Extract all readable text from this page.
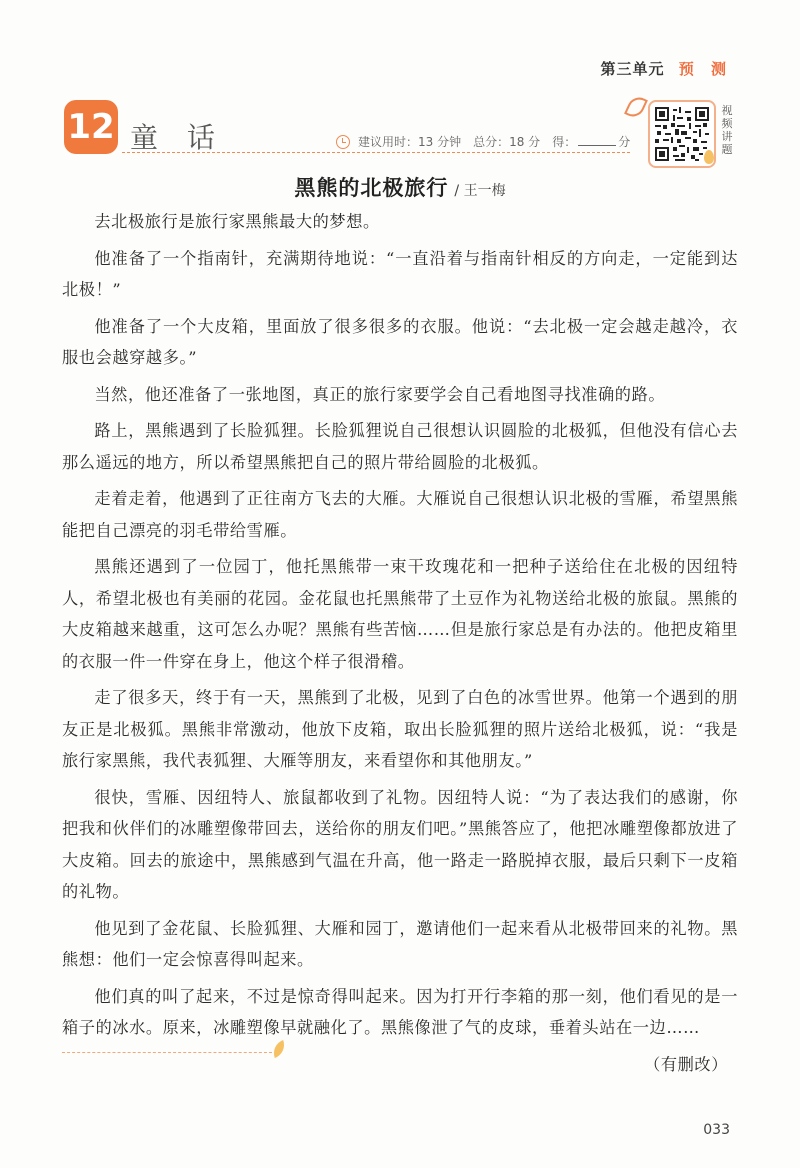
第三单元 预 测
12 童 话	建议用时：13 分钟 总分：18 分 得：	分
视频讲题
黑熊的北极旅行 / 王一梅

去北极旅行是旅行家黑熊最大的梦想。

他准备了一个指南针，充满期待地说：“一直沿着与指南针相反的方向走，一定能到达北极！”

他准备了一个大皮箱，里面放了很多很多的衣服。他说：“去北极一定会越走越冷，衣服也会越穿越多。”

当然，他还准备了一张地图，真正的旅行家要学会自己看地图寻找准确的路。

路上，黑熊遇到了长脸狐狸。长脸狐狸说自己很想认识圆脸的北极狐，但他没有信心去那么遥远的地方，所以希望黑熊把自己的照片带给圆脸的北极狐。

走着走着，他遇到了正往南方飞去的大雁。大雁说自己很想认识北极的雪雁，希望黑熊能把自己漂亮的羽毛带给雪雁。

黑熊还遇到了一位园丁，他托黑熊带一束干玫瑰花和一把种子送给住在北极的因纽特人，希望北极也有美丽的花园。金花鼠也托黑熊带了土豆作为礼物送给北极的旅鼠。黑熊的大皮箱越来越重，这可怎么办呢？黑熊有些苦恼……但是旅行家总是有办法的。他把皮箱里的衣服一件一件穿在身上，他这个样子很滑稽。

走了很多天，终于有一天，黑熊到了北极，见到了白色的冰雪世界。他第一个遇到的朋友正是北极狐。黑熊非常激动，他放下皮箱，取出长脸狐狸的照片送给北极狐，说：“我是旅行家黑熊，我代表狐狸、大雁等朋友，来看望你和其他朋友。”

很快，雪雁、因纽特人、旅鼠都收到了礼物。因纽特人说：“为了表达我们的感谢，你把我和伙伴们的冰雕塑像带回去，送给你的朋友们吧。”黑熊答应了，他把冰雕塑像都放进了大皮箱。回去的旅途中，黑熊感到气温在升高，他一路走一路脱掉衣服，最后只剩下一皮箱的礼物。

他见到了金花鼠、长脸狐狸、大雁和园丁，邀请他们一起来看从北极带回来的礼物。黑熊想：他们一定会惊喜得叫起来。

他们真的叫了起来，不过是惊奇得叫起来。因为打开行李箱的那一刻，他们看见的是一箱子的冰水。原来，冰雕塑像早就融化了。黑熊像泄了气的皮球，垂着头站在一边……

（有删改）

033
